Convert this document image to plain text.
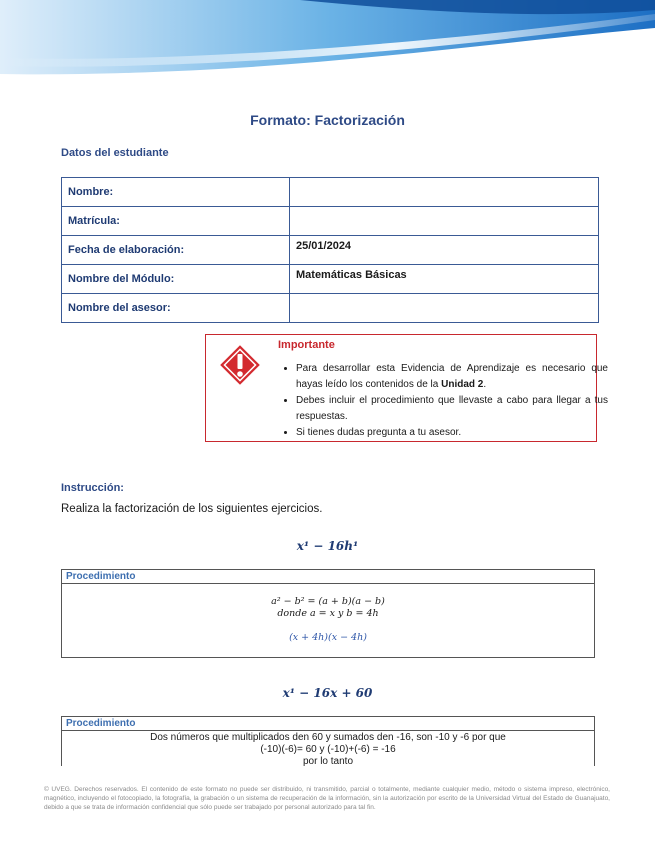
Formato: Factorización
Datos del estudiante
Nombre:	
Matrícula:	
Fecha de elaboración:	25/01/2024
Nombre del Módulo:	Matemáticas Básicas
Nombre del asesor:	
Importante
• Para desarrollar esta Evidencia de Aprendizaje es necesario que hayas leído los contenidos de la Unidad 2.
• Debes incluir el procedimiento que llevaste a cabo para llegar a tus respuestas.
• Si tienes dudas pregunta a tu asesor.
Instrucción:
Realiza la factorización de los siguientes ejercicios.
x¹ − 16h¹
Procedimiento
a² − b² = (a + b)(a − b)
donde a = x y b = 4h
(x + 4h)(x − 4h)
x¹ − 16x + 60
Procedimiento
Dos números que multiplicados den 60 y sumados den -16, son -10 y -6 por que
(-10)(-6)= 60 y (-10)+(-6) = -16
por lo tanto
© UVEG. Derechos reservados. El contenido de este formato no puede ser distribuido, ni transmitido, parcial o totalmente, mediante cualquier medio, método o sistema impreso, electrónico, magnético, incluyendo el fotocopiado, la fotografía, la grabación o un sistema de recuperación de la información, sin la autorización por escrito de la Universidad Virtual del Estado de Guanajuato, debido a que se trata de información confidencial que sólo puede ser trabajado por personal autorizado para tal fin.
